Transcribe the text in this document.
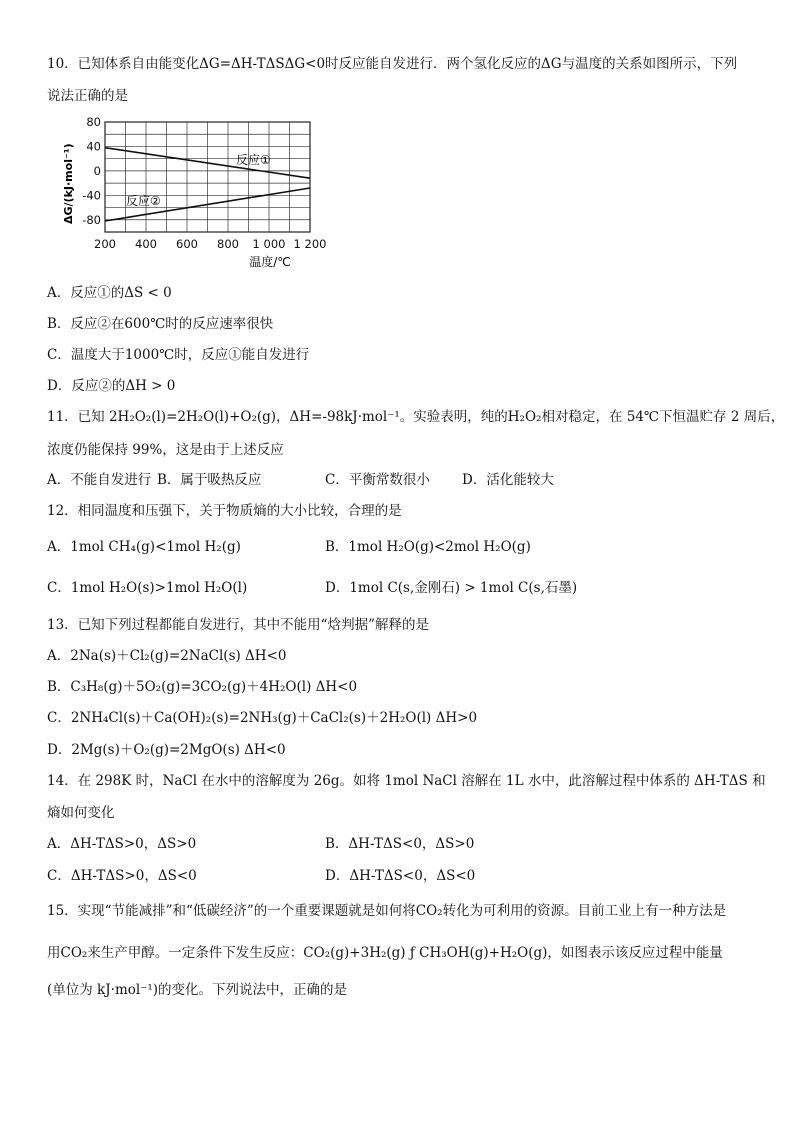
10．已知体系自由能变化ΔG=ΔH-TΔSΔG<0时反应能自发进行．两个氢化反应的ΔG与温度的关系如图所示，下列
说法正确的是
200 400 600 800 1 000 1 200
80
40
0
-40
-80
ΔG/(kJ·mol⁻¹)
温度/℃
反应①
反应②
A．反应①的ΔS < 0
B．反应②在600℃时的反应速率很快
C．温度大于1000℃时，反应①能自发进行
D．反应②的ΔH > 0
11．已知 2H₂O₂(l)=2H₂O(l)+O₂(g)，ΔH=-98kJ·mol⁻¹。实验表明，纯的H₂O₂相对稳定，在 54℃下恒温贮存 2 周后，
浓度仍能保持 99%，这是由于上述反应
A．不能自发进行 B．属于吸热反应	C．平衡常数很小 D．活化能较大
12．相同温度和压强下，关于物质熵的大小比较，合理的是
A．1mol CH₄(g)<1mol H₂(g)	B．1mol H₂O(g)<2mol H₂O(g)
C．1mol H₂O(s)>1mol H₂O(l)	D．1mol C(s,金刚石) > 1mol C(s,石墨)
13．已知下列过程都能自发进行，其中不能用“焓判据”解释的是
A．2Na(s)＋Cl₂(g)=2NaCl(s) ΔH<0
B．C₃H₈(g)＋5O₂(g)=3CO₂(g)＋4H₂O(l) ΔH<0
C．2NH₄Cl(s)＋Ca(OH)₂(s)=2NH₃(g)＋CaCl₂(s)＋2H₂O(l) ΔH>0
D．2Mg(s)＋O₂(g)=2MgO(s) ΔH<0
14．在 298K 时，NaCl 在水中的溶解度为 26g。如将 1mol NaCl 溶解在 1L 水中，此溶解过程中体系的 ΔH-TΔS 和
熵如何变化
A．ΔH-TΔS>0，ΔS>0	B．ΔH-TΔS<0，ΔS>0
C．ΔH-TΔS>0，ΔS<0	D．ΔH-TΔS<0，ΔS<0
15．实现“节能减排”和“低碳经济”的一个重要课题就是如何将CO₂转化为可利用的资源。目前工业上有一种方法是
用CO₂来生产甲醇。一定条件下发生反应：CO₂(g)+3H₂(g) ƒ CH₃OH(g)+H₂O(g)，如图表示该反应过程中能量
(单位为 kJ·mol⁻¹)的变化。下列说法中，正确的是
